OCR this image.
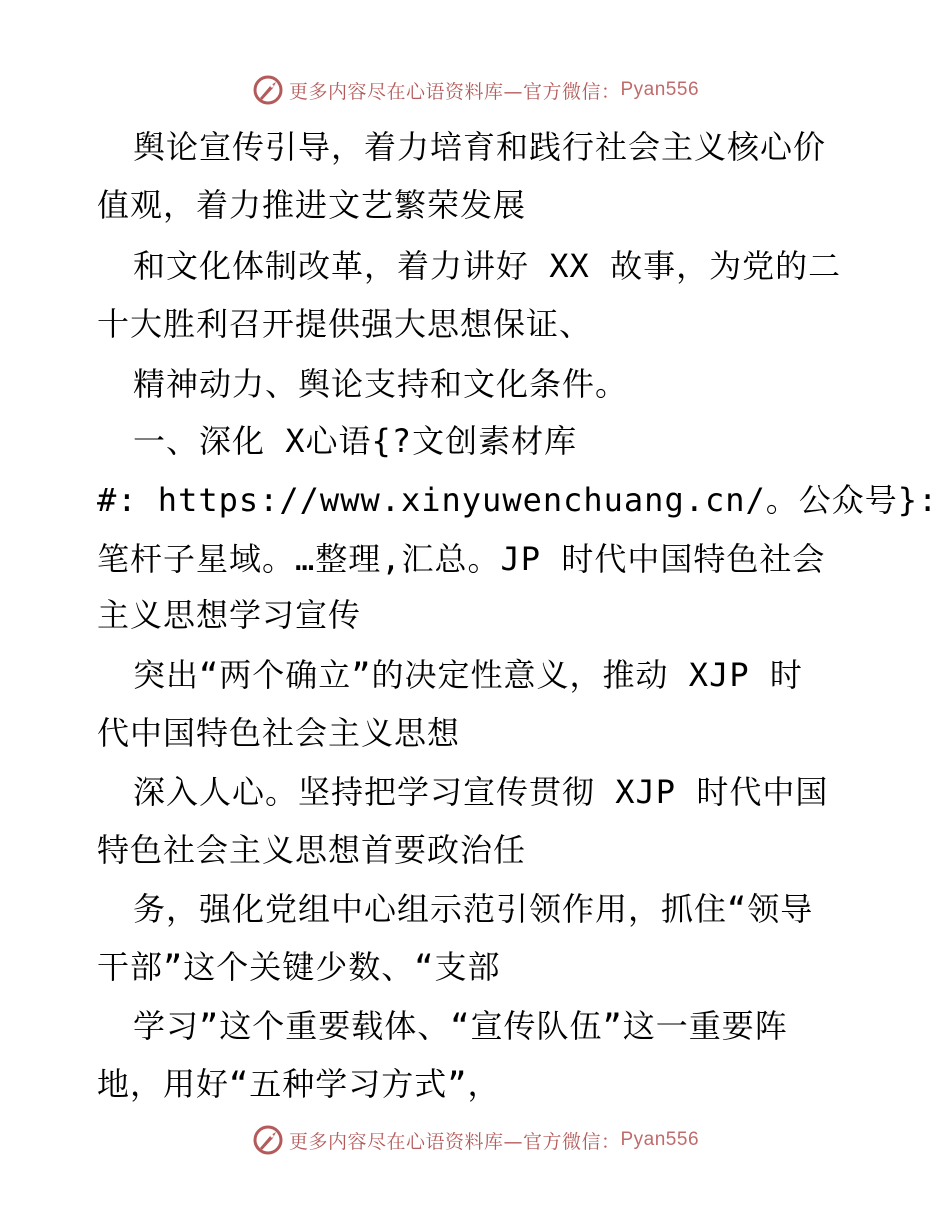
更多内容尽在心语资料库—官方微信： Pyan556
舆论宣传引导，着力培育和践行社会主义核心价
值观，着力推进文艺繁荣发展
和文化体制改革，着力讲好 XX 故事，为党的二
十大胜利召开提供强大思想保证、
精神动力、舆论支持和文化条件。
一、深化 X心语{?文创素材库
#: https://www.xinyuwenchuang.cn/。公众号}:
笔杆子星域。…整理,汇总。JP 时代中国特色社会
主义思想学习宣传
突出“两个确立”的决定性意义，推动 XJP 时
代中国特色社会主义思想
深入人心。坚持把学习宣传贯彻 XJP 时代中国
特色社会主义思想首要政治任
务，强化党组中心组示范引领作用，抓住“领导
干部”这个关键少数、“支部
学习”这个重要载体、“宣传队伍”这一重要阵
地，用好“五种学习方式”，
更多内容尽在心语资料库—官方微信： Pyan556
